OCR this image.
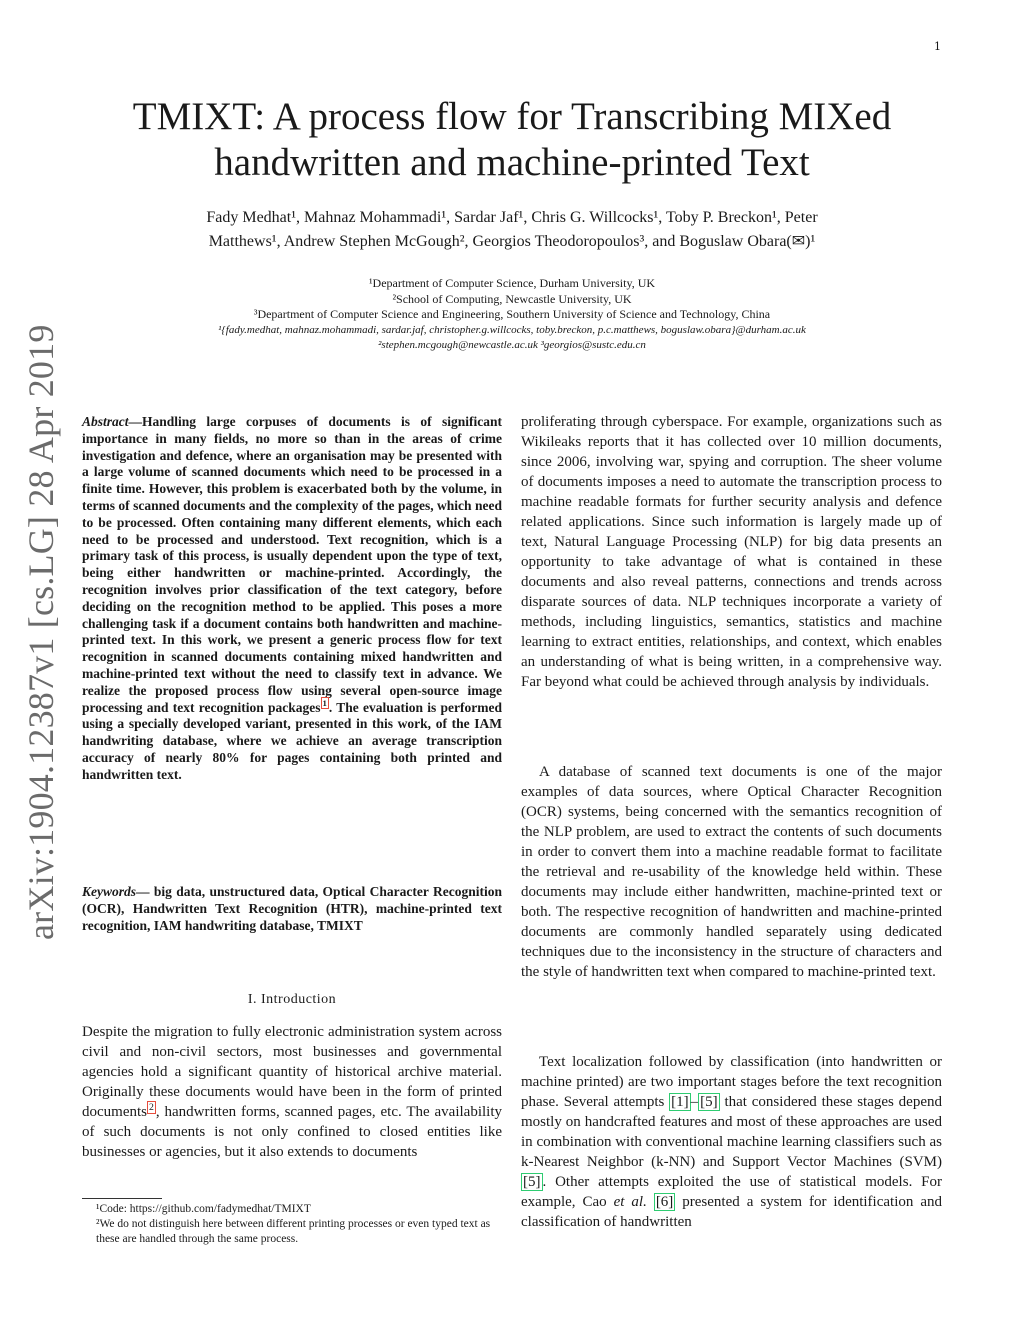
1
arXiv:1904.12387v1 [cs.LG] 28 Apr 2019
TMIXT: A process flow for Transcribing MIXed
handwritten and machine-printed Text
Fady Medhat¹, Mahnaz Mohammadi¹, Sardar Jaf¹, Chris G. Willcocks¹, Toby P. Breckon¹, Peter
Matthews¹, Andrew Stephen McGough², Georgios Theodoropoulos³, and Boguslaw Obara(✉)¹
¹Department of Computer Science, Durham University, UK
²School of Computing, Newcastle University, UK
³Department of Computer Science and Engineering, Southern University of Science and Technology, China
¹{fady.medhat, mahnaz.mohammadi, sardar.jaf, christopher.g.willcocks, toby.breckon, p.c.matthews, boguslaw.obara}@durham.ac.uk
²stephen.mcgough@newcastle.ac.uk ³georgios@sustc.edu.cn
Abstract—Handling large corpuses of documents is of significant importance in many fields, no more so than in the areas of crime investigation and defence, where an organisation may be presented with a large volume of scanned documents which need to be processed in a finite time. However, this problem is exacerbated both by the volume, in terms of scanned documents and the complexity of the pages, which need to be processed. Often containing many different elements, which each need to be processed and understood. Text recognition, which is a primary task of this process, is usually dependent upon the type of text, being either handwritten or machine-printed. Accordingly, the recognition involves prior classification of the text category, before deciding on the recognition method to be applied. This poses a more challenging task if a document contains both handwritten and machine-printed text. In this work, we present a generic process flow for text recognition in scanned documents containing mixed handwritten and machine-printed text without the need to classify text in advance. We realize the proposed process flow using several open-source image processing and text recognition packages $^1$ . The evaluation is performed using a specially developed variant, presented in this work, of the IAM handwriting database, where we achieve an average transcription accuracy of nearly 80% for pages containing both printed and handwritten text.
Keywords— big data, unstructured data, Optical Character Recognition (OCR), Handwritten Text Recognition (HTR), machine-printed text recognition, IAM handwriting database, TMIXT
I. Introduction
Despite the migration to fully electronic administration system across civil and non-civil sectors, most businesses and governmental agencies hold a significant quantity of historical archive material. Originally these documents would have been in the form of printed documents $^2$ , handwritten forms, scanned pages, etc. The availability of such documents is not only confined to closed entities like businesses or agencies, but it also extends to documents
¹Code: https://github.com/fadymedhat/TMIXT
²We do not distinguish here between different printing processes or even typed text as these are handled through the same process.

proliferating through cyberspace. For example, organizations such as Wikileaks reports that it has collected over 10 million documents, since 2006, involving war, spying and corruption. The sheer volume of documents imposes a need to automate the transcription process to machine readable formats for further security analysis and defence related applications. Since such information is largely made up of text, Natural Language Processing (NLP) for big data presents an opportunity to take advantage of what is contained in these documents and also reveal patterns, connections and trends across disparate sources of data. NLP techniques incorporate a variety of methods, including linguistics, semantics, statistics and machine learning to extract entities, relationships, and context, which enables an understanding of what is being written, in a comprehensive way. Far beyond what could be achieved through analysis by individuals.

A database of scanned text documents is one of the major examples of data sources, where Optical Character Recognition (OCR) systems, being concerned with the semantics recognition of the NLP problem, are used to extract the contents of such documents in order to convert them into a machine readable format to facilitate the retrieval and re-usability of the knowledge held within. These documents may include either handwritten, machine-printed text or both. The respective recognition of handwritten and machine-printed documents are commonly handled separately using dedicated techniques due to the inconsistency in the structure of characters and the style of handwritten text when compared to machine-printed text.

Text localization followed by classification (into handwritten or machine printed) are two important stages before the text recognition phase. Several attempts [1] – [5] that considered these stages depend mostly on handcrafted features and most of these approaches are used in combination with conventional machine learning classifiers such as k-Nearest Neighbor (k-NN) and Support Vector Machines (SVM) [5] . Other attempts exploited the use of statistical models. For example, Cao et al. [6] presented a system for identification and classification of handwritten
